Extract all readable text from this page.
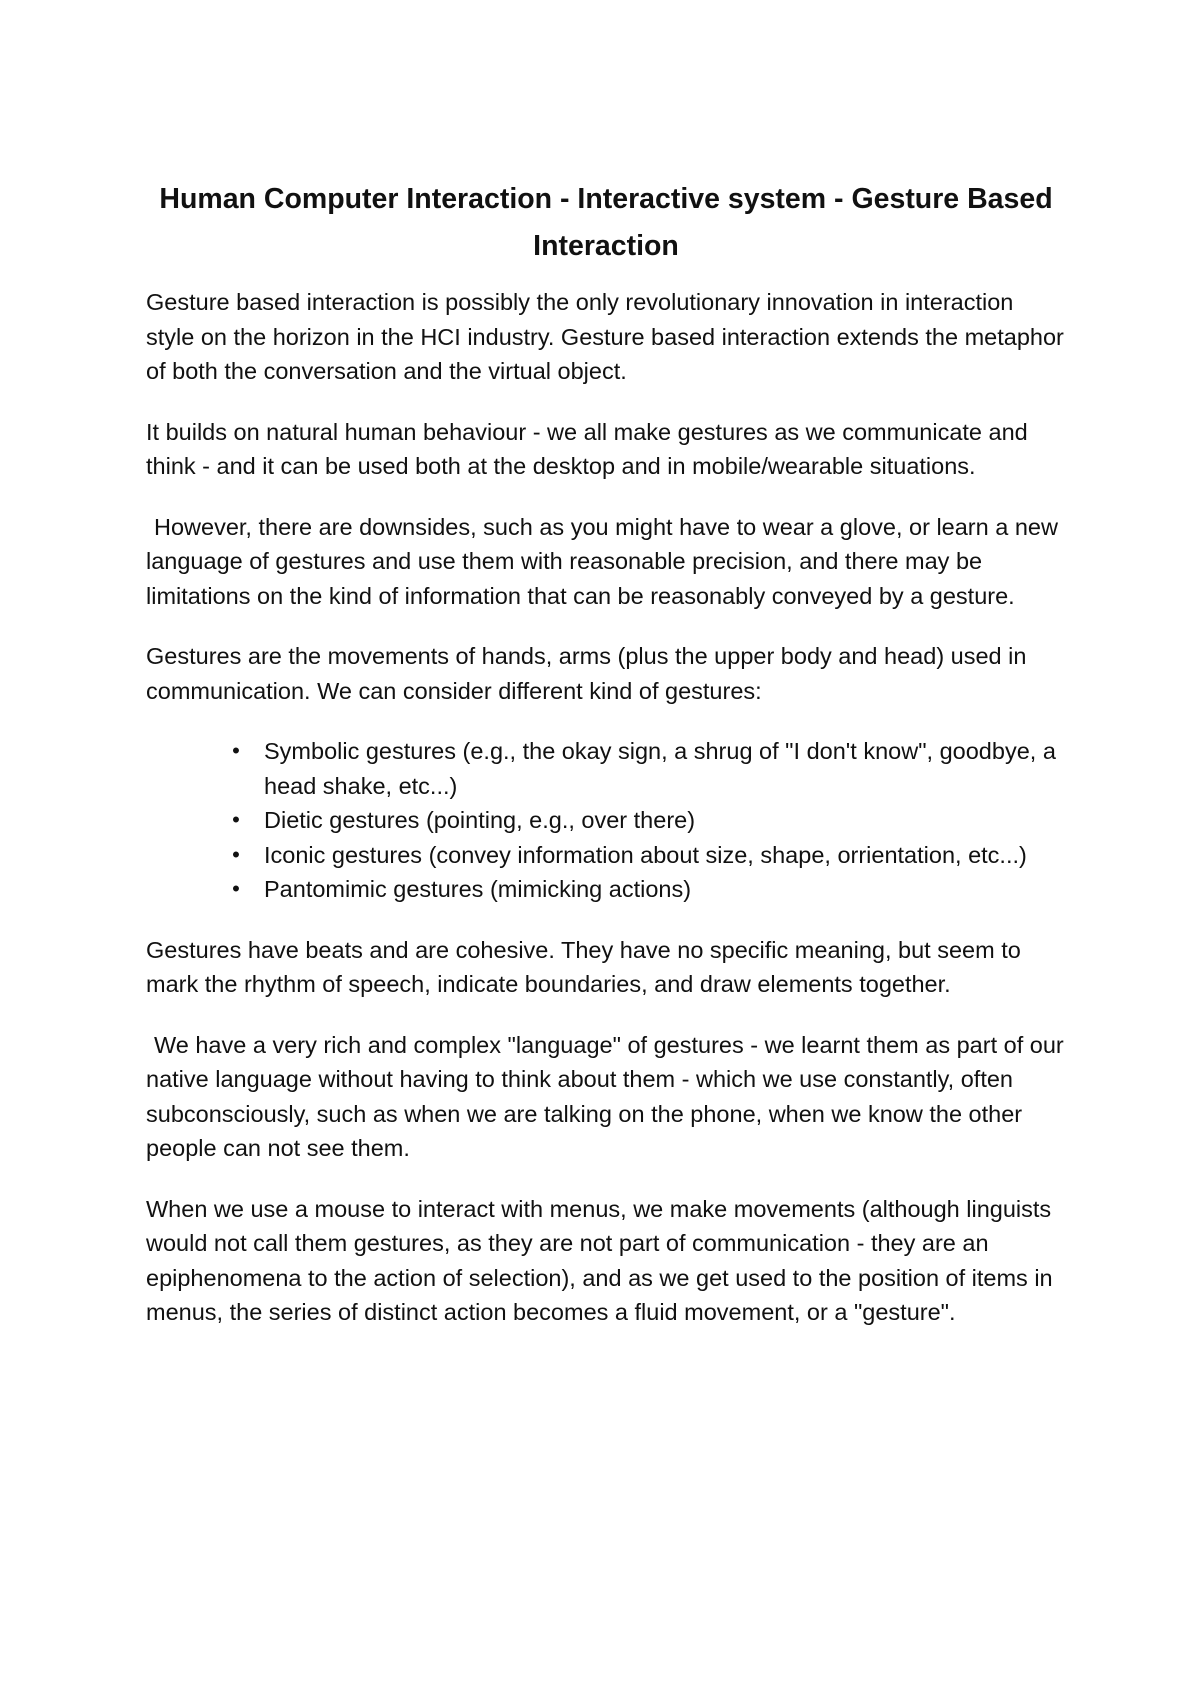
Human Computer Interaction - Interactive system - Gesture Based Interaction

Gesture based interaction is possibly the only revolutionary innovation in interaction style on the horizon in the HCI industry. Gesture based interaction extends the metaphor of both the conversation and the virtual object.

It builds on natural human behaviour - we all make gestures as we communicate and think - and it can be used both at the desktop and in mobile/wearable situations.

However, there are downsides, such as you might have to wear a glove, or learn a new language of gestures and use them with reasonable precision, and there may be limitations on the kind of information that can be reasonably conveyed by a gesture.

Gestures are the movements of hands, arms (plus the upper body and head) used in communication. We can consider different kind of gestures:

• Symbolic gestures (e.g., the okay sign, a shrug of "I don't know", goodbye, a head shake, etc...)
• Dietic gestures (pointing, e.g., over there)
• Iconic gestures (convey information about size, shape, orrientation, etc...)
• Pantomimic gestures (mimicking actions)

Gestures have beats and are cohesive. They have no specific meaning, but seem to mark the rhythm of speech, indicate boundaries, and draw elements together.

We have a very rich and complex "language" of gestures - we learnt them as part of our native language without having to think about them - which we use constantly, often subconsciously, such as when we are talking on the phone, when we know the other people can not see them.

When we use a mouse to interact with menus, we make movements (although linguists would not call them gestures, as they are not part of communication - they are an epiphenomena to the action of selection), and as we get used to the position of items in menus, the series of distinct action becomes a fluid movement, or a "gesture".
